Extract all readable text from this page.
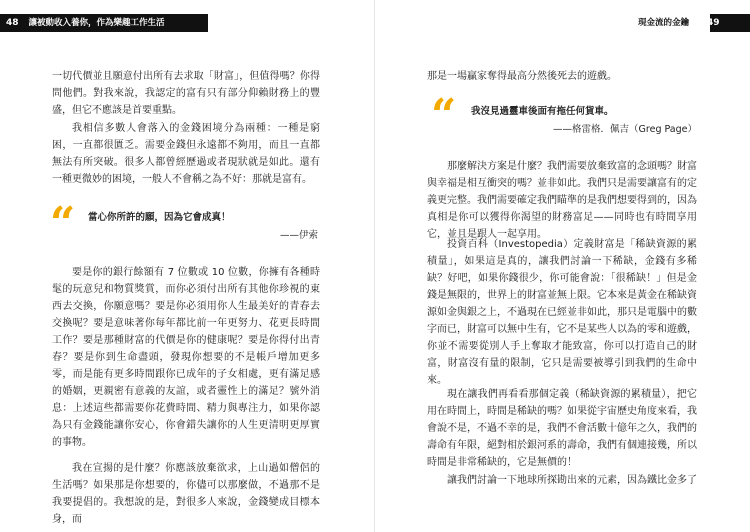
48 讓被動收入養你，作為樂趣工作生活
一切代價並且願意付出所有去求取「財富」，但值得嗎？你得問他們。對我來說，我認定的富有只有部分仰賴財務上的豐盛，但它不應該是首要重點。
我相信多數人會落入的金錢困境分為兩種：一種是窮困，一直都很匱乏。需要金錢但永遠都不夠用，而且一直都無法有所突破。很多人都曾經歷過或者現狀就是如此。還有一種更微妙的困境，一般人不會稱之為不好：那就是富有。
“ 當心你所許的願，因為它會成真！
——伊索
要是你的銀行餘額有 7 位數或 10 位數，你擁有各種時髦的玩意兒和物質獎賞，而你必須付出所有其他你珍視的東西去交換，你願意嗎？要是你必須用你人生最美好的青春去交換呢？要是意味著你每年都比前一年更努力、花更長時間工作？要是那種財富的代價是你的健康呢？要是你得付出青春？要是你到生命盡頭，發現你想要的不是帳戶增加更多零，而是能有更多時間跟你已成年的子女相處，更有滿足感的婚姻，更親密有意義的友誼，或者靈性上的滿足？號外消息：上述這些都需要你花費時間、精力與專注力，如果你認為只有金錢能讓你安心，你會錯失讓你的人生更清明更厚實的事物。
我在宣揚的是什麼？你應該放棄欲求，上山過如僧侶的生活嗎？如果那是你想要的，你儘可以那麼做，不過那不是我要提倡的。我想說的是，對很多人來說，金錢變成目標本身，而
現金流的金鑰 49
那是一場贏家奪得最高分然後死去的遊戲。
“ 我沒見過靈車後面有拖任何貨車。
——格雷格．佩吉（Greg Page）
那麼解決方案是什麼？我們需要放棄致富的念頭嗎？財富與幸福是相互衝突的嗎？並非如此。我們只是需要讓富有的定義更完整。我們需要確定我們瞄準的是我們想要得到的，因為真相是你可以獲得你渴望的財務富足——同時也有時間享用它，並且是跟人一起享用。
投資百科（Investopedia）定義財富是「稀缺資源的累積量」，如果這是真的，讓我們討論一下稀缺，金錢有多稀缺？好吧，如果你錢很少，你可能會說：「很稀缺！」但是金錢是無限的，世界上的財富並無上限。它本來是黃金在稀缺資源如金與銀之上，不過現在已經並非如此，那只是電腦中的數字而已，財富可以無中生有，它不是某些人以為的零和遊戲，你並不需要從別人手上奪取才能致富，你可以打造自己的財富，財富沒有量的限制，它只是需要被導引到我們的生命中來。
現在讓我們再看看那個定義（稀缺資源的累積量），把它用在時間上，時間是稀缺的嗎？如果從宇宙歷史角度來看，我會說不是，不過不幸的是，我們不會活數十億年之久，我們的壽命有年限，絕對相於銀河系的壽命，我們有個連接幾，所以時間是非常稀缺的，它是無價的！
讓我們討論一下地球所探勘出來的元素，因為鐵比金多了
